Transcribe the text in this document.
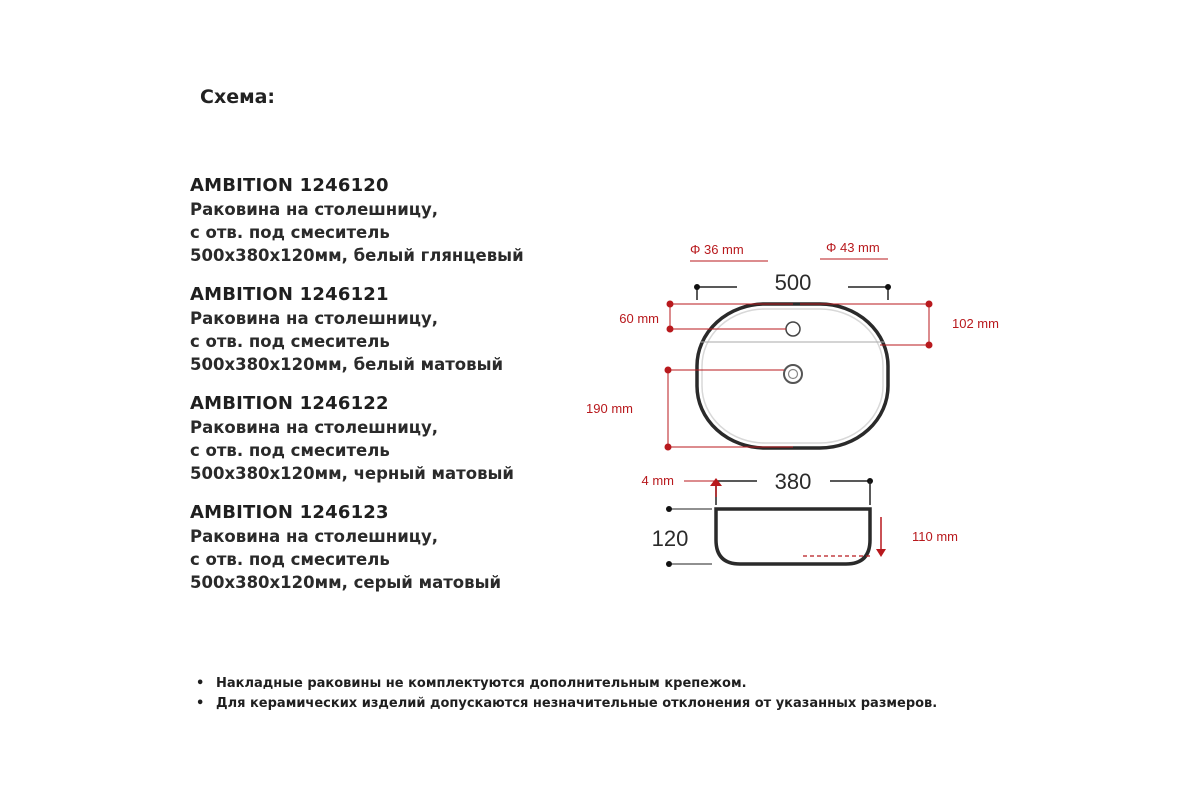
Схема:
AMBITION 1246120
Раковина на столешницу,
с отв. под смеситель
500x380x120мм, белый глянцевый
AMBITION 1246121
Раковина на столешницу,
с отв. под смеситель
500x380x120мм, белый матовый
AMBITION 1246122
Раковина на столешницу,
с отв. под смеситель
500x380x120мм, черный матовый
AMBITION 1246123
Раковина на столешницу,
с отв. под смеситель
500x380x120мм, серый матовый
500
Φ 36 mm	Φ 43 mm
60 mm	102 mm
190 mm
380
120
4 mm
110 mm
• Накладные раковины не комплектуются дополнительным крепежом.
• Для керамических изделий допускаются незначительные отклонения от указанных размеров.
